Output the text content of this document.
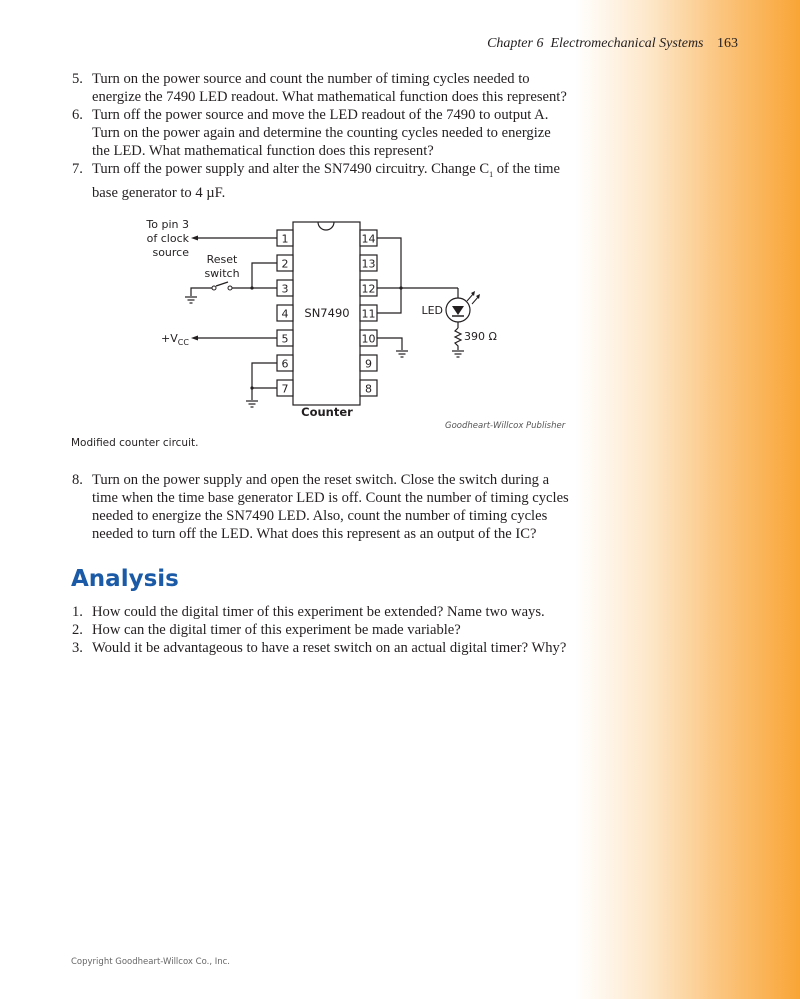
Chapter 6 Electromechanical Systems 163
5. Turn on the power source and count the number of timing cycles needed to energize the 7490 LED readout. What mathematical function does this represent?
6. Turn off the power source and move the LED readout of the 7490 to output A. Turn on the power again and determine the counting cycles needed to energize the LED. What mathematical function does this represent?
7. Turn off the power supply and alter the SN7490 circuitry. Change $C_1$ of the time base generator to 4 µF.
1
2
3
4
5
6
7
14
13
12
11
10
9
8
SN7490
Counter
To pin 3
of clock
source
Reset
switch
$+V_{CC}$
LED
390 Ω
Goodheart-Willcox Publisher
Modified counter circuit.
8. Turn on the power supply and open the reset switch. Close the switch during a time when the time base generator LED is off. Count the number of timing cycles needed to energize the SN7490 LED. Also, count the number of timing cycles needed to turn off the LED. What does this represent as an output of the IC?
Analysis
1. How could the digital timer of this experiment be extended? Name two ways.
2. How can the digital timer of this experiment be made variable?
3. Would it be advantageous to have a reset switch on an actual digital timer? Why?
Copyright Goodheart-Willcox Co., Inc.
